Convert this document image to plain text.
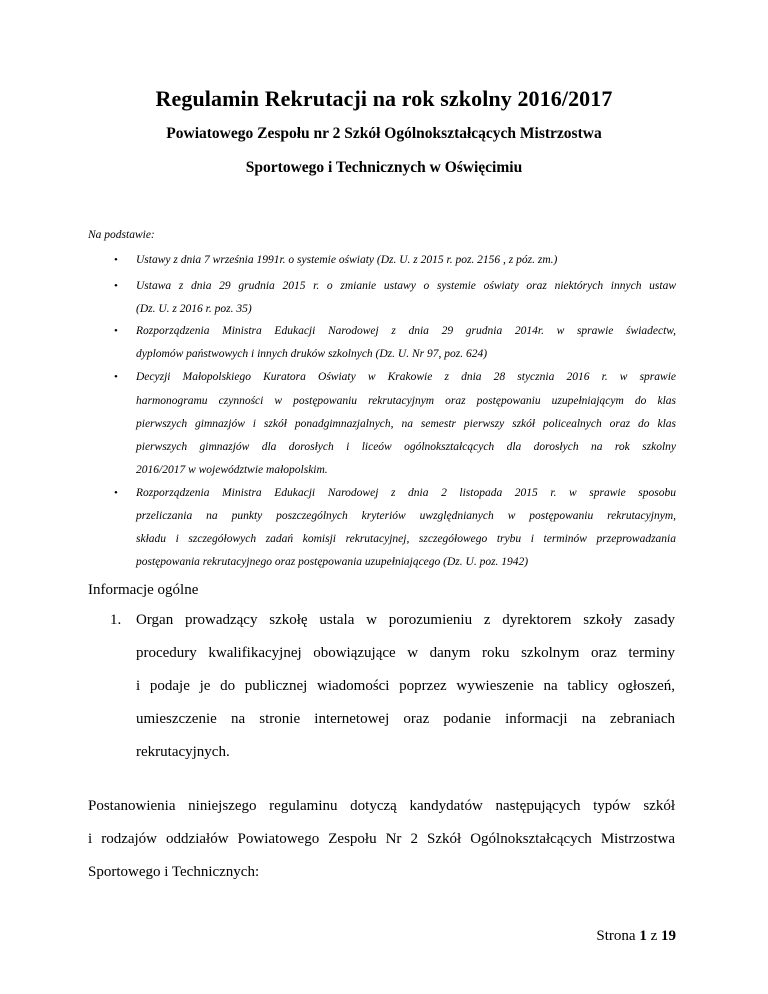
Regulamin Rekrutacji na rok szkolny 2016/2017
Powiatowego Zespołu nr 2 Szkół Ogólnokształcących Mistrzostwa
Sportowego i Technicznych w Oświęcimiu
Na podstawie:
• Ustawy z dnia 7 września 1991r. o systemie oświaty (Dz. U. z 2015 r. poz. 2156 , z póz. zm.)
• Ustawa z dnia 29 grudnia 2015 r. o zmianie ustawy o systemie oświaty oraz niektórych innych ustaw
(Dz. U. z 2016 r. poz. 35)
• Rozporządzenia Ministra Edukacji Narodowej z dnia 29 grudnia 2014r. w sprawie świadectw,
dyplomów państwowych i innych druków szkolnych (Dz. U. Nr 97, poz. 624)
• Decyzji Małopolskiego Kuratora Oświaty w Krakowie z dnia 28 stycznia 2016 r. w sprawie
harmonogramu czynności w postępowaniu rekrutacyjnym oraz postępowaniu uzupełniającym do klas
pierwszych gimnazjów i szkół ponadgimnazjalnych, na semestr pierwszy szkół policealnych oraz do klas
pierwszych gimnazjów dla dorosłych i liceów ogólnokształcących dla dorosłych na rok szkolny
2016/2017 w województwie małopolskim.
• Rozporządzenia Ministra Edukacji Narodowej z dnia 2 listopada 2015 r. w sprawie sposobu
przeliczania na punkty poszczególnych kryteriów uwzględnianych w postępowaniu rekrutacyjnym,
składu i szczegółowych zadań komisji rekrutacyjnej, szczegółowego trybu i terminów przeprowadzania
postępowania rekrutacyjnego oraz postępowania uzupełniającego (Dz. U. poz. 1942)
Informacje ogólne
1. Organ prowadzący szkołę ustala w porozumieniu z dyrektorem szkoły zasady
procedury kwalifikacyjnej obowiązujące w danym roku szkolnym oraz terminy
i podaje je do publicznej wiadomości poprzez wywieszenie na tablicy ogłoszeń,
umieszczenie na stronie internetowej oraz podanie informacji na zebraniach
rekrutacyjnych.
Postanowienia niniejszego regulaminu dotyczą kandydatów następujących typów szkół
i rodzajów oddziałów Powiatowego Zespołu Nr 2 Szkół Ogólnokształcących Mistrzostwa
Sportowego i Technicznych:
Strona 1 z 19
